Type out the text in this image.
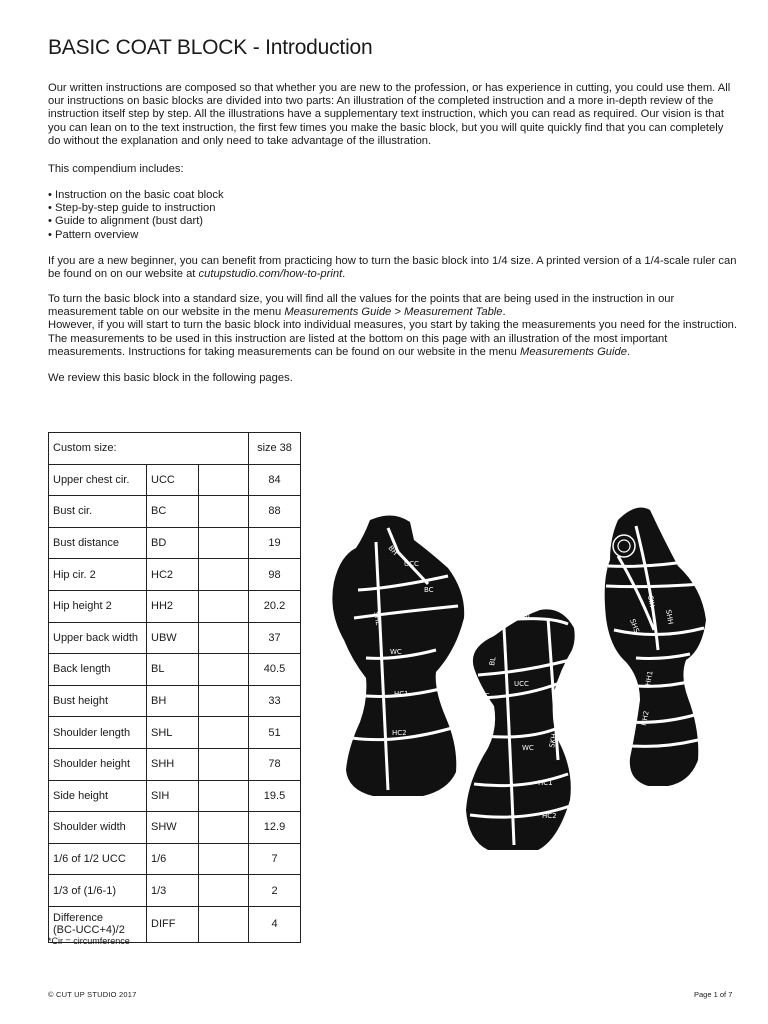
BASIC COAT BLOCK - Introduction

Our written instructions are composed so that whether you are new to the profession, or has experience in cutting, you could use them. All our instructions on basic blocks are divided into two parts: An illustration of the completed instruction and a more in-depth review of the instruction itself step by step. All the illustrations have a supplementary text instruction, which you can read as required. Our vision is that you can lean on to the text instruction, the first few times you make the basic block, but you will quite quickly find that you can completely do without the explanation and only need to take advantage of the illustration.

This compendium includes:

• Instruction on the basic coat block
• Step-by-step guide to instruction
• Guide to alignment (bust dart)
• Pattern overview

If you are a new beginner, you can benefit from practicing how to turn the basic block into 1/4 size. A printed version of a 1/4-scale ruler can be found on on our website at cutupstudio.com/how-to-print.

To turn the basic block into a standard size, you will find all the values for the points that are being used in the instruction in our measurement table on our website in the menu Measurements Guide > Measurement Table.
However, if you will start to turn the basic block into individual measures, you start by taking the measurements you need for the instruction. The measurements to be used in this instruction are listed at the bottom on this page with an illustration of the most important measurements. Instructions for taking measurements can be found on our website in the menu Measurements Guide.

We review this basic block in the following pages.

Custom size:			size 38
Upper chest cir.	UCC		84
Bust cir.	BC		88
Bust distance	BD		19
Hip cir. 2	HC2		98
Hip height 2	HH2		20.2
Upper back width	UBW		37
Back length	BL		40.5
Bust height	BH		33
Shoulder length	SHL		51
Shoulder height	SHH		78
Side height	SIH		19.5
Shoulder width	SHW		12.9
1/6 of 1/2 UCC	1/6		7
1/3 of (1/6-1)	1/3		2
Difference
(BC-UCC+4)/2	DIFF		4
*Cir = circumference
BH
UCC
BC
SHL
WC
HC1
HC2
SHL
BL
UCC
BC
WC SKH
HC1
HC2
SIH
SHH
SHS
HH1
HH2
© CUT UP STUDIO 2017	Page 1 of 7
